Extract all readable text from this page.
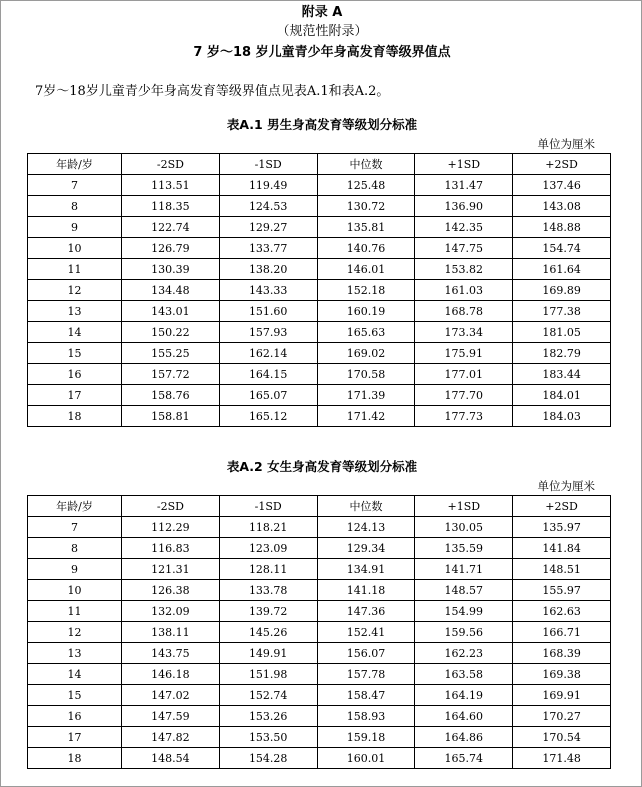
附录 A
（规范性附录）
7 岁～18 岁儿童青少年身高发育等级界值点
7岁～18岁儿童青少年身高发育等级界值点见表A.1和表A.2。
表A.1 男生身高发育等级划分标准
单位为厘米
年龄/岁	-2SD	-1SD	中位数	+1SD	+2SD
7	113.51	119.49	125.48	131.47	137.46
8	118.35	124.53	130.72	136.90	143.08
9	122.74	129.27	135.81	142.35	148.88
10	126.79	133.77	140.76	147.75	154.74
11	130.39	138.20	146.01	153.82	161.64
12	134.48	143.33	152.18	161.03	169.89
13	143.01	151.60	160.19	168.78	177.38
14	150.22	157.93	165.63	173.34	181.05
15	155.25	162.14	169.02	175.91	182.79
16	157.72	164.15	170.58	177.01	183.44
17	158.76	165.07	171.39	177.70	184.01
18	158.81	165.12	171.42	177.73	184.03
表A.2 女生身高发育等级划分标准
单位为厘米
年龄/岁	-2SD	-1SD	中位数	+1SD	+2SD
7	112.29	118.21	124.13	130.05	135.97
8	116.83	123.09	129.34	135.59	141.84
9	121.31	128.11	134.91	141.71	148.51
10	126.38	133.78	141.18	148.57	155.97
11	132.09	139.72	147.36	154.99	162.63
12	138.11	145.26	152.41	159.56	166.71
13	143.75	149.91	156.07	162.23	168.39
14	146.18	151.98	157.78	163.58	169.38
15	147.02	152.74	158.47	164.19	169.91
16	147.59	153.26	158.93	164.60	170.27
17	147.82	153.50	159.18	164.86	170.54
18	148.54	154.28	160.01	165.74	171.48
